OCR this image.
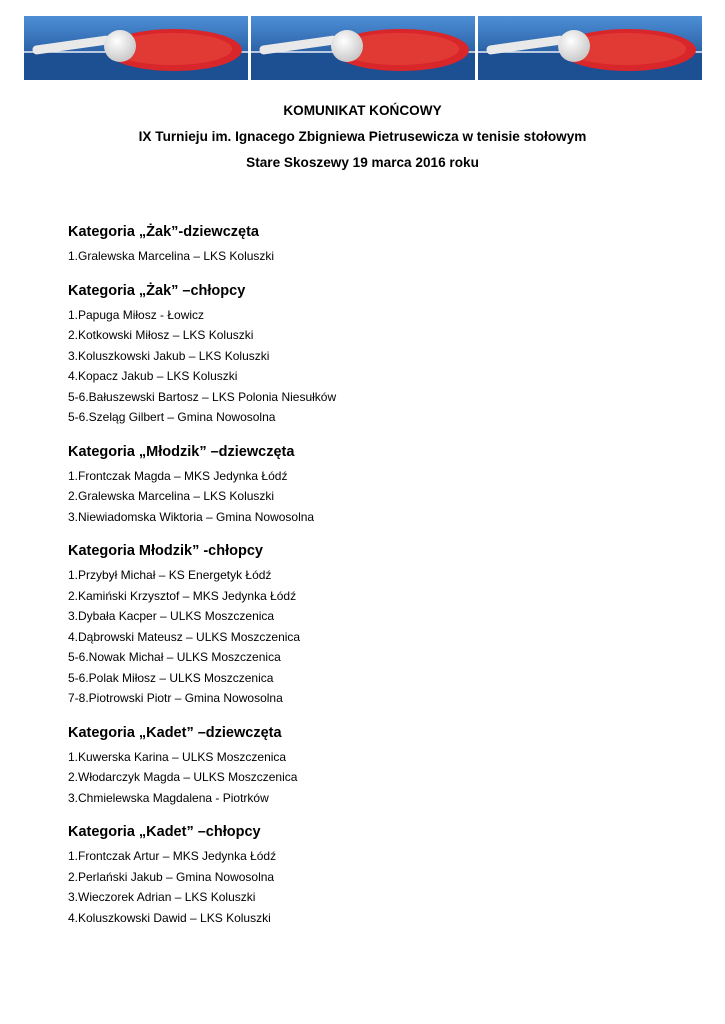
KOMUNIKAT KOŃCOWY
IX Turnieju im. Ignacego Zbigniewa Pietrusewicza w tenisie stołowym
Stare Skoszewy 19 marca 2016 roku
Kategoria „Żak”-dziewczęta
1.Gralewska Marcelina – LKS Koluszki
Kategoria „Żak” –chłopcy
1.Papuga Miłosz - Łowicz
2.Kotkowski Miłosz – LKS Koluszki
3.Koluszkowski Jakub – LKS Koluszki
4.Kopacz Jakub – LKS Koluszki
5-6.Bałuszewski Bartosz – LKS Polonia Niesułków
5-6.Szeląg Gilbert – Gmina Nowosolna
Kategoria „Młodzik” –dziewczęta
1.Frontczak Magda – MKS Jedynka Łódź
2.Gralewska Marcelina – LKS Koluszki
3.Niewiadomska Wiktoria – Gmina Nowosolna
Kategoria Młodzik” -chłopcy
1.Przybył Michał – KS Energetyk Łódź
2.Kamiński Krzysztof – MKS Jedynka Łódź
3.Dybała Kacper – ULKS Moszczenica
4.Dąbrowski Mateusz – ULKS Moszczenica
5-6.Nowak Michał – ULKS Moszczenica
5-6.Polak Miłosz – ULKS Moszczenica
7-8.Piotrowski Piotr – Gmina Nowosolna
Kategoria „Kadet” –dziewczęta
1.Kuwerska Karina – ULKS Moszczenica
2.Włodarczyk Magda – ULKS Moszczenica
3.Chmielewska Magdalena - Piotrków
Kategoria „Kadet” –chłopcy
1.Frontczak Artur – MKS Jedynka Łódź
2.Perlański Jakub – Gmina Nowosolna
3.Wieczorek Adrian – LKS Koluszki
4.Koluszkowski Dawid – LKS Koluszki
